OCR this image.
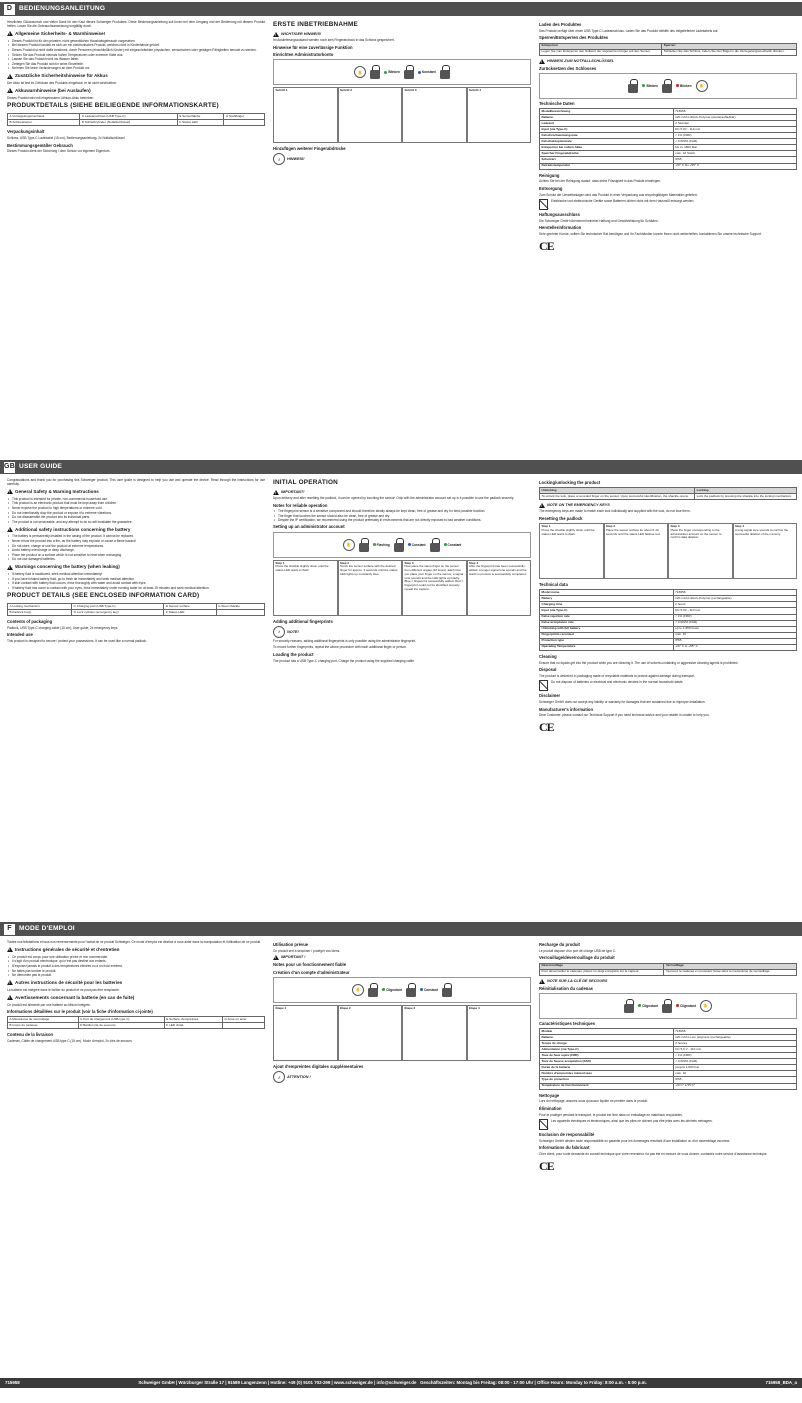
D	BEDIENUNGSANLEITUNG

Herzlichen Glückwunsch und vielen Dank für den Kauf dieses Schweiger Produktes. Diese Bedienungsanleitung soll Ihnen bei dem Umgang und der Bedienung mit diesem Produkt helfen. Lesen Sie die Gebrauchsanweisung sorgfältig durch.

!
Allgemeine Sicherheits- & Warnhinweise!
• Dieses Produkt ist für den privaten, nicht gewerblichen Haushaltsgebrauch vorgesehen.
• Bei diesem Produkt handelt es sich um ein elektronisches Produkt, welches nicht in Kinderhände gehört!
• Dieses Produkt ist nicht dafür bestimmt, durch Personen (einschließlich Kinder) mit eingeschränkten physischen, sensorischen oder geistigen Fähigkeiten benutzt zu werden.
• Setzen Sie das Produkt niemals hohen Temperaturen oder extremer Kälte aus.
• Lassen Sie das Produkt nicht ins Wasser fallen.
• Zerlegen Sie das Produkt nicht in seine Einzelteile.
• Nehmen Sie keine Veränderungen an dem Produkt vor.
!
Zusätzliche Sicherheitshinweise für Akkus

Der Akku ist fest im Gehäuse des Produkts eingebaut, er ist nicht wechselbar.

!
Akkuwarnhinweise (bei Auslaufen)

Dieses Produkt wird mit eingebautem Lithium-Akku betrieben.

PRODUKTDETAILS (SIEHE BEILIEGENDE INFORMATIONSKARTE)
A Verriegelungsmechanik	C Ladeanschluss (USB Type-C)	E Sensorfläche	G Stahlbügel
B Schlosskörper	D Schließzylinder (Notfallschlüssel)	F Status LED	
Verpackungsinhalt

Schloss, USB Type-C Ladekabel (15 cm), Bedienungsanleitung, 2x Notfallschlüssel

Bestimmungsgemäßer Gebrauch

Dieses Produkt dient der Sicherung / dem Schutz vor eigenem Eigentum.

ERSTE INBETRIEBNAHME
!
WICHTIGER HINWEIS!

Im Auslieferungszustand werden noch kein Fingerabdruck in das Schloss gespeichert.

Hinweise für eine zuverlässige Funktion
Einrichten Administratorkonto
✋	Blinken	Konstant
Schritt 1	Schritt 2	Schritt 3	Schritt 4
Hinzufügen weiterer Fingerabdrücke
i	HINWEIS!
Laden des Produktes

Das Produkt verfügt über einen USB Type-C Ladeanschluss. Laden Sie das Produkt mithilfe des mitgelieferten Ladekabels auf.

Sperren/Entsperren des Produktes
Entsperren	Sperren
Legen Sie zum Entsperren den Sollwert der angelernten Finger auf den Sensor.	Schließen Sie das Schloss, indem Sie den Bügel in die Verriegelungsmechanik drücken.
!
HINWEIS ZUM NOTFALLSCHLÜSSEL
Zurücksetzen des Schlosses
Blinken	Blinken	✋
Technische Daten
Modellbezeichnung	715958
Batterie	120 mAh Lithium Polymer (wiederaufladbar)
Ladezeit	2 Stunden
Input (via Type-C)	DC 5.0V - 110 mA
Falschrückweisungsrate	< 1% (FRR)
Falschakzeptanzrate	< 0.002% (FAR)
Entsperren bei vollem Akku	bis zu 1800 Mal
Speicher Fingerabdrücke	max. 10 Stück
Schutzart	IP65
Betriebstemperatur	-20° C bis +55° C
Reinigung

Achten Sie bei der Reinigung darauf, dass keine Flüssigkeit in das Produkt eindringen.

Entsorgung

Zum Schutz der Umweltanlagen wird das Produkt in einer Verpackung aus recyclingfähigen Materialien geliefert.

Elektrische und elektronische Geräte sowie Batterien dürfen nicht mit dem Hausmüll entsorgt werden.
Haftungsausschluss

Die Schweiger GmbH übernimmt keinerlei Haftung und Gewährleistung für Schäden.

Herstellerinformation

Sehr geehrter Kunde, sollten Sie technischer Rat benötigen und Ihr Fachhändler konnte Ihnen nicht weiterhelfen, kontaktieren Sie unsere technische Support.

CE
GB USER GUIDE

Congratulations and thank you for purchasing this Schweiger product. This user guide is designed to help you use and operate the device. Read through the instructions for use carefully.

!
General Safety & Warning Instructions
• This product is intended for private, non-commercial household use.
• This product is an electronic product that must be kept away from children.
• Never expose the product to high temperatures or extreme cold.
• Do not intentionally drop the product or expose it to extreme vibrations.
• Do not disassemble the product into its individual parts.
• The product is not serviceable, and any attempt to do so will invalidate the guarantee.
!
Additional safety instructions concerning the battery
• The battery is permanently installed in the casing of the product. It cannot be replaced.
• Never throw the product into a fire, as the battery may explode or cause a flame hazard!
• Do not store, charge or use the product at extreme temperatures.
• Avoid battery overcharge or deep discharge.
• Place the product on a surface which is not sensitive to heat when recharging.
• Do not use damaged batteries.
!
Warnings concerning the battery (when leaking)
• If battery fluid is swallowed, seek medical attention immediately!
• If you have inhaled battery fluid, go to fresh air immediately and seek medical attention.
• If skin contact with battery fluid occurs, rinse thoroughly with water and avoid contact with eyes.
• If battery fluid has come to contact with your eyes, rinse immediately under running water for at least 15 minutes and seek medical attention.
PRODUCT DETAILS (SEE ENCLOSED INFORMATION CARD)
A Locking mechanism	C Charging port (USB Type-C)	E Sensor surface	G Steel shackle
B Padlock body	D Lock cylinder (emergency key)	F Status LED	
Contents of packaging

Padlock, USB Type-C charging cable (15 cm), User guide, 2x emergency keys

Intended use

This product is designed to secure / protect your possessions. It can be used like a normal padlock.

INITIAL OPERATION
!
IMPORTANT!

Upon delivery and after resetting the padlock, it can be opened by touching the sensor! Only with the administrator account set up is it possible to use the padlock securely.

Notes for reliable operation
• The fingerprint sensor is a sensitive component and should therefore ideally always be kept clean, free of grease and dry for best possible function.
• The finger that touches the sensor should also be clean, free of grease and dry.
• Despite the IP certification, we recommend using the product preferably in environments that are not directly exposed to bad weather conditions.
Setting up an administrator account
✋	Flashing	Constant	Constant
Step 1
Press the shackle slightly down until the status LED starts to flash.
Step 2
Touch the sensor surface with the desired finger for approx. 3 seconds until the status LED lights up constantly blue.
Step 3
Now place the same finger on the sensor from different angles (10 times). Each time you place your finger on the sensor, a signal tone sounds and the LED lights up briefly. Blue = fingerprint successfully added. Red = fingerprint could not be identified properly, repeat the capture.
Step 4
After the fingerprint has been successfully added, a longer signal tone sounds and the teach-in process is successfully completed.
Adding additional fingerprints
i	NOTE!

For security reasons, adding additional fingerprints is only possible using the administrator fingerprint.

To record further fingerprints, repeat the above procedure with each additional finger or person.

Loading the product

The product has a USB Type-C charging port. Charge the product using the supplied charging cable.

Locking/unlocking the product
Unlocking	Locking
To unlock the lock, place a recorded finger on the sensor. Upon successful identification, the shackle opens.	Lock the padlock by pressing the shackle into the locking mechanism.
!
NOTE ON THE EMERGENCY KEYS

The emergency keys are made to match each lock individually and supplied with the lock, do not lose them.

Resetting the padlock
Step 1
Press the shackle slightly down until the status LED starts to flash.
Step 2
Place the sensor surface for about 6-10 seconds until the status LED flashes red.
Step 3
Place the finger corresponding to the administrator account on the sensor to confirm data deletion.
Step 4
A long signal tone sounds to confirm the successful deletion of the memory.
Technical data
Model name	715958
Battery	120 mAh Lithium Polymer (rechargeable)
Charging time	2 hours
Input (via Type-C)	DC 5.0V - 110 mA
False rejection rate	< 1% (FRR)
False acceptance rate	< 0.002% (FAR)
Unlocking with full battery	up to 1,800 times
Fingerprints recorded	max. 10
Protection type	IP65
Operating Temperature	-20° C to +55° C
Cleaning

Ensure that no liquids get into the product while you are cleaning it. The use of solvent-containing or aggressive cleaning agents is prohibited.

Disposal

The product is delivered in packaging made of recyclable materials to protect against damage during transport.

Do not dispose of batteries or electrical and electronic devices in the normal household waste.
Disclaimer

Schweiger GmbH does not accept any liability or warranty for damages that are sustained due to improper installation.

Manufacturer's information

Dear Customer, please contact our Technical Support if you need technical advice and your retailer is unable to help you.

CE
F	MODE D'EMPLOI

Toutes nos félicitations et tous nos remerciements pour l'achat de ce produit Schweiger. Ce mode d'emploi est destiné à vous aider dans la manipulation et l'utilisation de ce produit.

!
Instructions générales de sécurité et d'entretien
• Ce produit est conçu pour une utilisation privée et non commerciale.
• Il s'agit d'un produit électronique, qui n'est pas destiné aux enfants.
• N'exposez jamais le produit à des températures élevées ou à un froid extrême.
• Ne faites pas tomber le produit.
• Ne démontez pas le produit.
!
Autres instructions de sécurité pour les batteries

La batterie est intégrée dans le boîtier du produit et ne peut pas être remplacée.

!
Avertissements concernant la batterie (en cas de fuite)

Ce produit est alimenté par une batterie au lithium intégrée.

Informations détaillées sur le produit (voir la fiche d'information ci-jointe)
A Mécanisme de verrouillage	C Port de chargement (USB type C)	E Surface d'empreintes	G Anse en acier
B Corps du cadenas	D Barillet (clé de secours)	F LED d'état	
Contenu de la livraison

Cadenas, Câble de chargement USB type C (15 cm), Mode d'emploi, 2x clés de secours

Utilisation prévue

Ce produit sert à sécuriser / protéger vos biens.

!
IMPORTANT !
Notes pour un fonctionnement fiable
Création d'un compte d'administrateur
✋	Clignotant	Constant
Étape 1	Étape 2	Étape 3	Étape 4
Ajout d'empreintes digitales supplémentaires
i	ATTENTION !
Recharge du produit

Le produit dispose d'un port de charge USB de type C.

Verrouillage/déverrouillage du produit
Déverrouillage	Verrouillage
Pour déverrouiller le cadenas, placez un doigt enregistré sur le capteur.	Verrouez le cadenas en poussant l'anse dans le mécanisme de verrouillage.
!
NOTE SUR LA CLÉ DE SECOURS
Réinitialisation du cadenas
Clignotant	Clignotant	✋
Caractéristiques techniques
Modèle	715958
Batterie	120 mAh Li-ion polymère (rechargeable)
Temps de charge	2 heures
Alimentation (via Type-C)	CC 5,0 V - 110 mA
Taux de faux rejets (FRR)	< 1% (FRR)
Taux de fausse acceptation (FAR)	< 0,002% (FAR)
Durée de la batterie	jusqu'à 1.800 fois
Nombre d'empreintes mémorisées	max. 10
Type de protection	IP65
Température de fonctionnement	-20 C° à 55 C°
Nettoyage

Lors du nettoyage, assurez-vous qu'aucun liquide ne pénètre dans le produit.

Élimination

Pour le protéger pendant le transport, le produit est livré dans un emballage en matériaux recyclables.

Les appareils électriques et électroniques, ainsi que les piles ne doivent pas être jetés avec les déchets ménagers.
Exclusion de responsabilité

Schweiger GmbH décline toute responsabilité ou garantie pour les dommages résultant d'une installation ou d'un assemblage incorrect.

Informations du fabricant

Cher client, pour toute demande de conseil technique que votre revendeur n'a pas été en mesure de vous donner, contactez notre service d'assistance technique.

CE
715958	Schweiger GmbH | Würzburger Straße 17 | 91589 Langenzenn | Hotline: +49 (0) 9101 702-299 | www.schweiger.de | info@schweiger.de Geschäftszeiten: Montag bis Freitag: 08:00 - 17:00 Uhr | Office Hours: Monday to Friday: 8:00 a.m. - 5:00 p.m.	715958_BDA_a
